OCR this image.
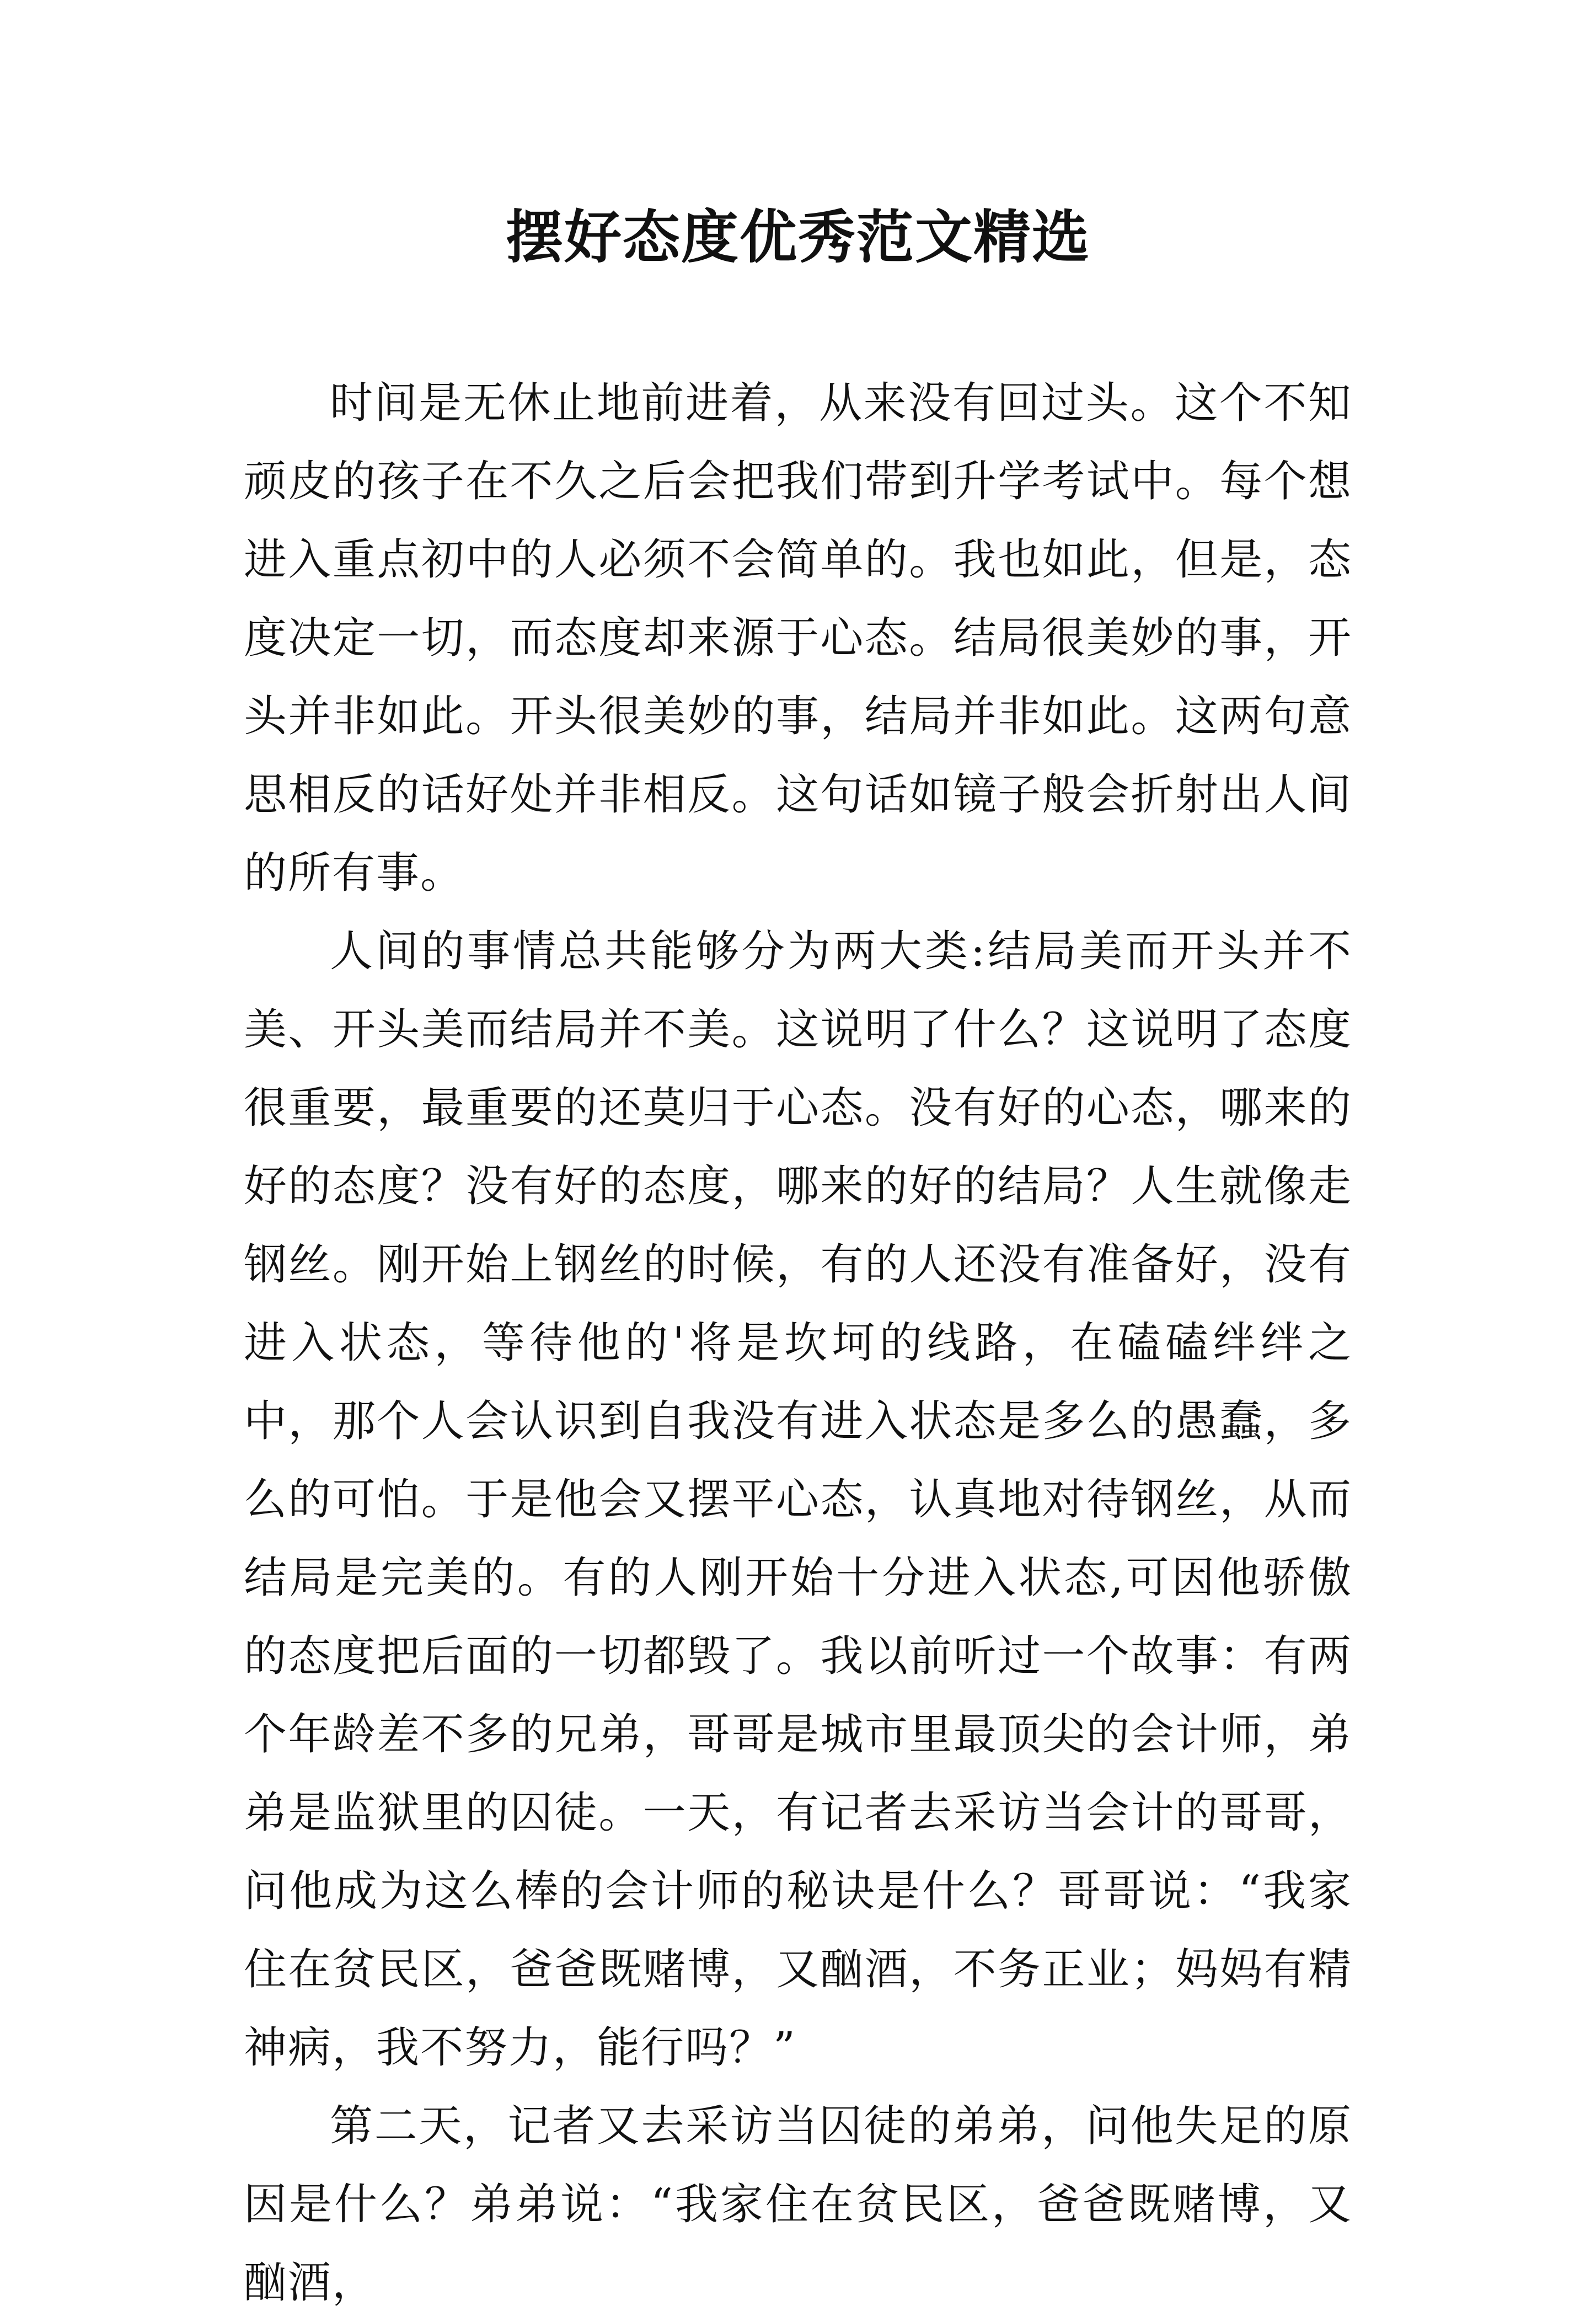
摆好态度优秀范文精选

时间是无休止地前进着，从来没有回过头。这个不知顽皮的孩子在不久之后会把我们带到升学考试中。每个想进入重点初中的人必须不会简单的。我也如此，但是，态度决定一切，而态度却来源于心态。结局很美妙的事，开头并非如此。开头很美妙的事，结局并非如此。这两句意思相反的话好处并非相反。这句话如镜子般会折射出人间的所有事。

人间的事情总共能够分为两大类:结局美而开头并不美、开头美而结局并不美。这说明了什么？这说明了态度很重要，最重要的还莫归于心态。没有好的心态，哪来的好的态度？没有好的态度，哪来的好的结局？人生就像走钢丝。刚开始上钢丝的时候，有的人还没有准备好，没有进入状态，等待他的'将是坎坷的线路，在磕磕绊绊之中，那个人会认识到自我没有进入状态是多么的愚蠢，多么的可怕。于是他会又摆平心态，认真地对待钢丝，从而结局是完美的。有的人刚开始十分进入状态,可因他骄傲的态度把后面的一切都毁了。我以前听过一个故事：有两个年龄差不多的兄弟，哥哥是城市里最顶尖的会计师，弟弟是监狱里的囚徒。一天，有记者去采访当会计的哥哥，问他成为这么棒的会计师的秘诀是什么？哥哥说：“我家住在贫民区，爸爸既赌博，又酗酒，不务正业；妈妈有精神病，我不努力，能行吗？”

第二天，记者又去采访当囚徒的弟弟，问他失足的原因是什么？弟弟说：“我家住在贫民区，爸爸既赌博，又酗酒，
